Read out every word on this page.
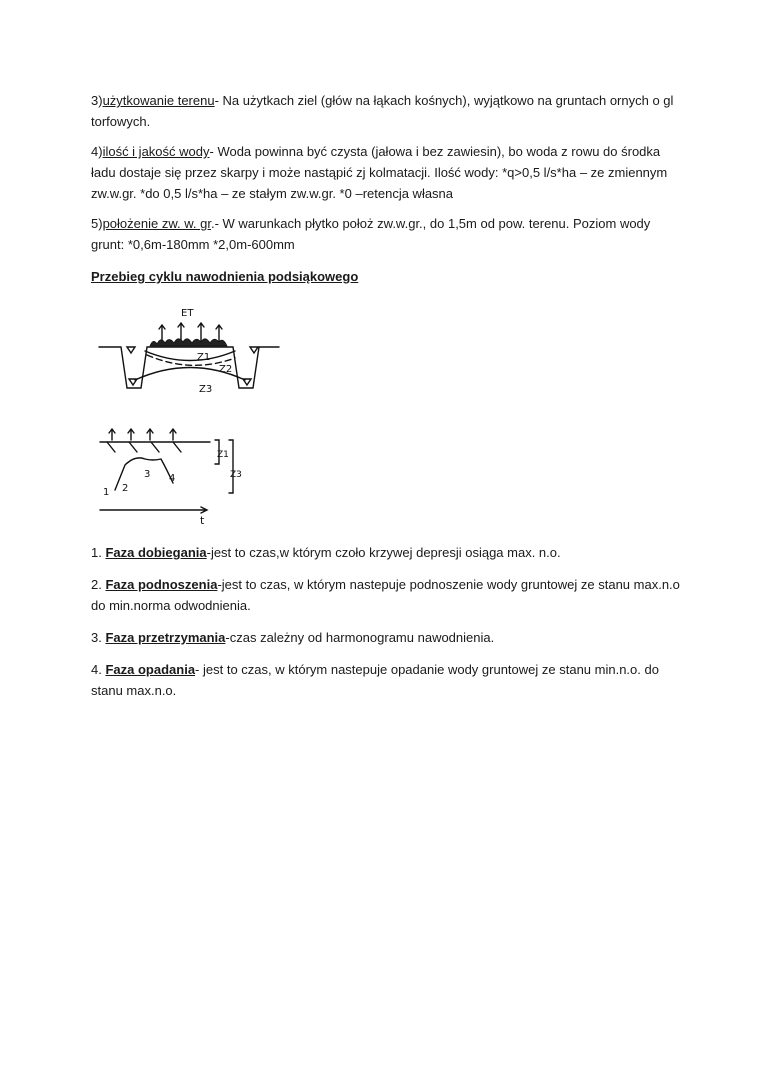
3)użytkowanie terenu- Na użytkach ziel (głów na łąkach kośnych), wyjątkowo na gruntach ornych o gl torfowych.

4)ilość i jakość wody- Woda powinna być czysta (jałowa i bez zawiesin), bo woda z rowu do środka ładu dostaje się przez skarpy i może nastąpić zj kolmatacji. Ilość wody: *q>0,5 l/s*ha – ze zmiennym zw.w.gr. *do 0,5 l/s*ha – ze stałym zw.w.gr. *0 –retencja własna

5)położenie zw. w. gr.- W warunkach płytko położ zw.w.gr., do 1,5m od pow. terenu. Poziom wody grunt: *0,6m-180mm *2,0m-600mm

Przebieg cyklu nawodnienia podsiąkowego

ET
Z1
Z2
Z3
1 2
3 4
Z1
Z3
t

1. Faza dobiegania-jest to czas,w którym czoło krzywej depresji osiąga max. n.o.

2. Faza podnoszenia-jest to czas, w którym nastepuje podnoszenie wody gruntowej ze stanu max.n.o do min.norma odwodnienia.

3. Faza przetrzymania-czas zależny od harmonogramu nawodnienia.

4. Faza opadania- jest to czas, w którym nastepuje opadanie wody gruntowej ze stanu min.n.o. do stanu max.n.o.
